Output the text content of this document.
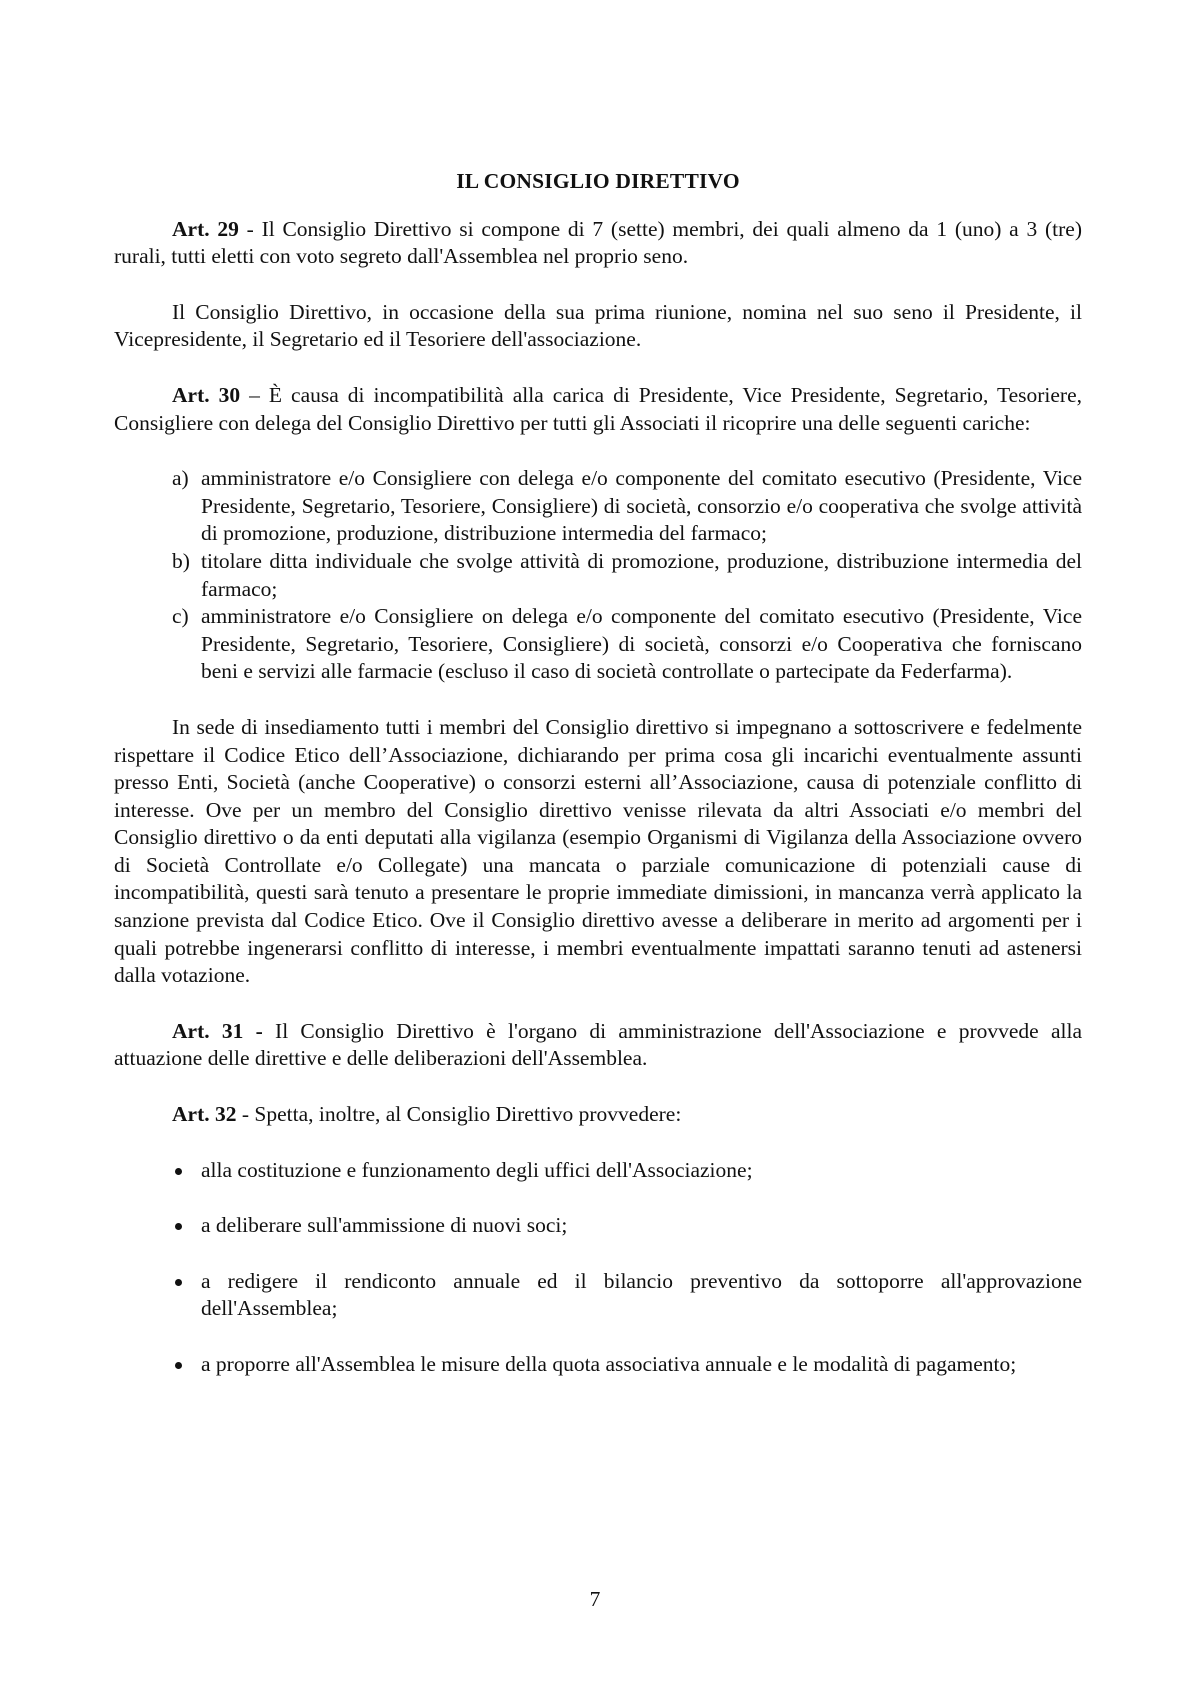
IL CONSIGLIO DIRETTIVO

Art. 29 - Il Consiglio Direttivo si compone di 7 (sette) membri, dei quali almeno da 1 (uno) a 3 (tre) rurali, tutti eletti con voto segreto dall'Assemblea nel proprio seno.

Il Consiglio Direttivo, in occasione della sua prima riunione, nomina nel suo seno il Presidente, il Vicepresidente, il Segretario ed il Tesoriere dell'associazione.

Art. 30 – È causa di incompatibilità alla carica di Presidente, Vice Presidente, Segretario, Tesoriere, Consigliere con delega del Consiglio Direttivo per tutti gli Associati il ricoprire una delle seguenti cariche:

a) amministratore e/o Consigliere con delega e/o componente del comitato esecutivo (Presidente, Vice Presidente, Segretario, Tesoriere, Consigliere) di società, consorzio e/o cooperativa che svolge attività di promozione, produzione, distribuzione intermedia del farmaco;
b) titolare ditta individuale che svolge attività di promozione, produzione, distribuzione intermedia del farmaco;
c) amministratore e/o Consigliere on delega e/o componente del comitato esecutivo (Presidente, Vice Presidente, Segretario, Tesoriere, Consigliere) di società, consorzi e/o Cooperativa che forniscano beni e servizi alle farmacie (escluso il caso di società controllate o partecipate da Federfarma).

In sede di insediamento tutti i membri del Consiglio direttivo si impegnano a sottoscrivere e fedelmente rispettare il Codice Etico dell’Associazione, dichiarando per prima cosa gli incarichi eventualmente assunti presso Enti, Società (anche Cooperative) o consorzi esterni all’Associazione, causa di potenziale conflitto di interesse. Ove per un membro del Consiglio direttivo venisse rilevata da altri Associati e/o membri del Consiglio direttivo o da enti deputati alla vigilanza (esempio Organismi di Vigilanza della Associazione ovvero di Società Controllate e/o Collegate) una mancata o parziale comunicazione di potenziali cause di incompatibilità, questi sarà tenuto a presentare le proprie immediate dimissioni, in mancanza verrà applicato la sanzione prevista dal Codice Etico. Ove il Consiglio direttivo avesse a deliberare in merito ad argomenti per i quali potrebbe ingenerarsi conflitto di interesse, i membri eventualmente impattati saranno tenuti ad astenersi dalla votazione.

Art. 31 - Il Consiglio Direttivo è l'organo di amministrazione dell'Associazione e provvede alla attuazione delle direttive e delle deliberazioni dell'Assemblea.

Art. 32 - Spetta, inoltre, al Consiglio Direttivo provvedere:

alla costituzione e funzionamento degli uffici dell'Associazione;
a deliberare sull'ammissione di nuovi soci;
a redigere il rendiconto annuale ed il bilancio preventivo da sottoporre all'approvazione dell'Assemblea;
a proporre all'Assemblea le misure della quota associativa annuale e le modalità di pagamento;
7
